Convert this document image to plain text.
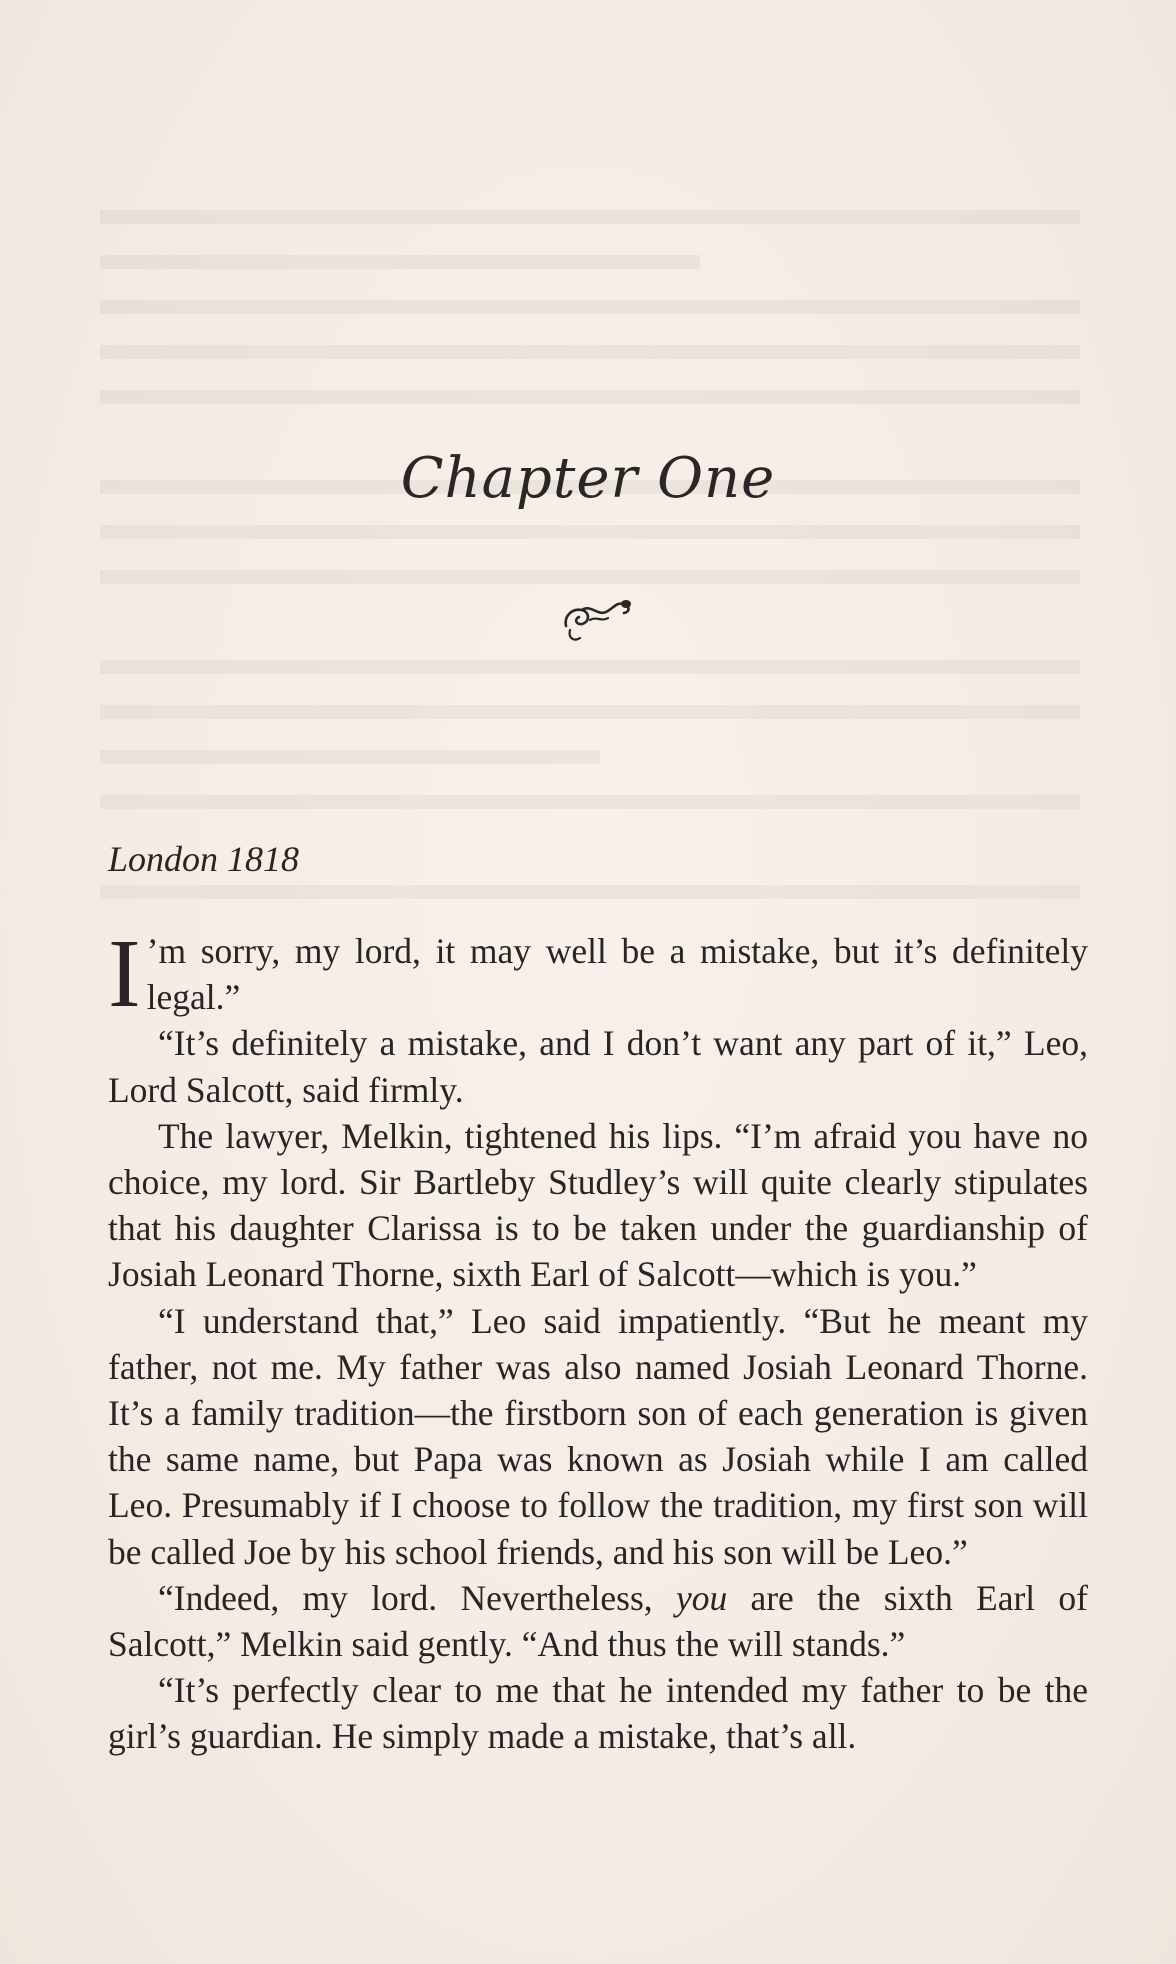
Chapter One
London 1818

I ’m sorry, my lord, it may well be a mistake, but it’s definitely legal.”

“It’s definitely a mistake, and I don’t want any part of it,” Leo, Lord Salcott, said firmly.

The lawyer, Melkin, tightened his lips. “I’m afraid you have no choice, my lord. Sir Bartleby Studley’s will quite clearly stipulates that his daughter Clarissa is to be taken under the guardianship of Josiah Leonard Thorne, sixth Earl of Salcott—which is you.”

“I understand that,” Leo said impatiently. “But he meant my father, not me. My father was also named Josiah Leonard Thorne. It’s a family tradition—the firstborn son of each generation is given the same name, but Papa was known as Josiah while I am called Leo. Presumably if I choose to follow the tradition, my first son will be called Joe by his school friends, and his son will be Leo.”

“Indeed, my lord. Nevertheless, you are the sixth Earl of Salcott,” Melkin said gently. “And thus the will stands.”

“It’s perfectly clear to me that he intended my father to be the girl’s guardian. He simply made a mistake, that’s all.
